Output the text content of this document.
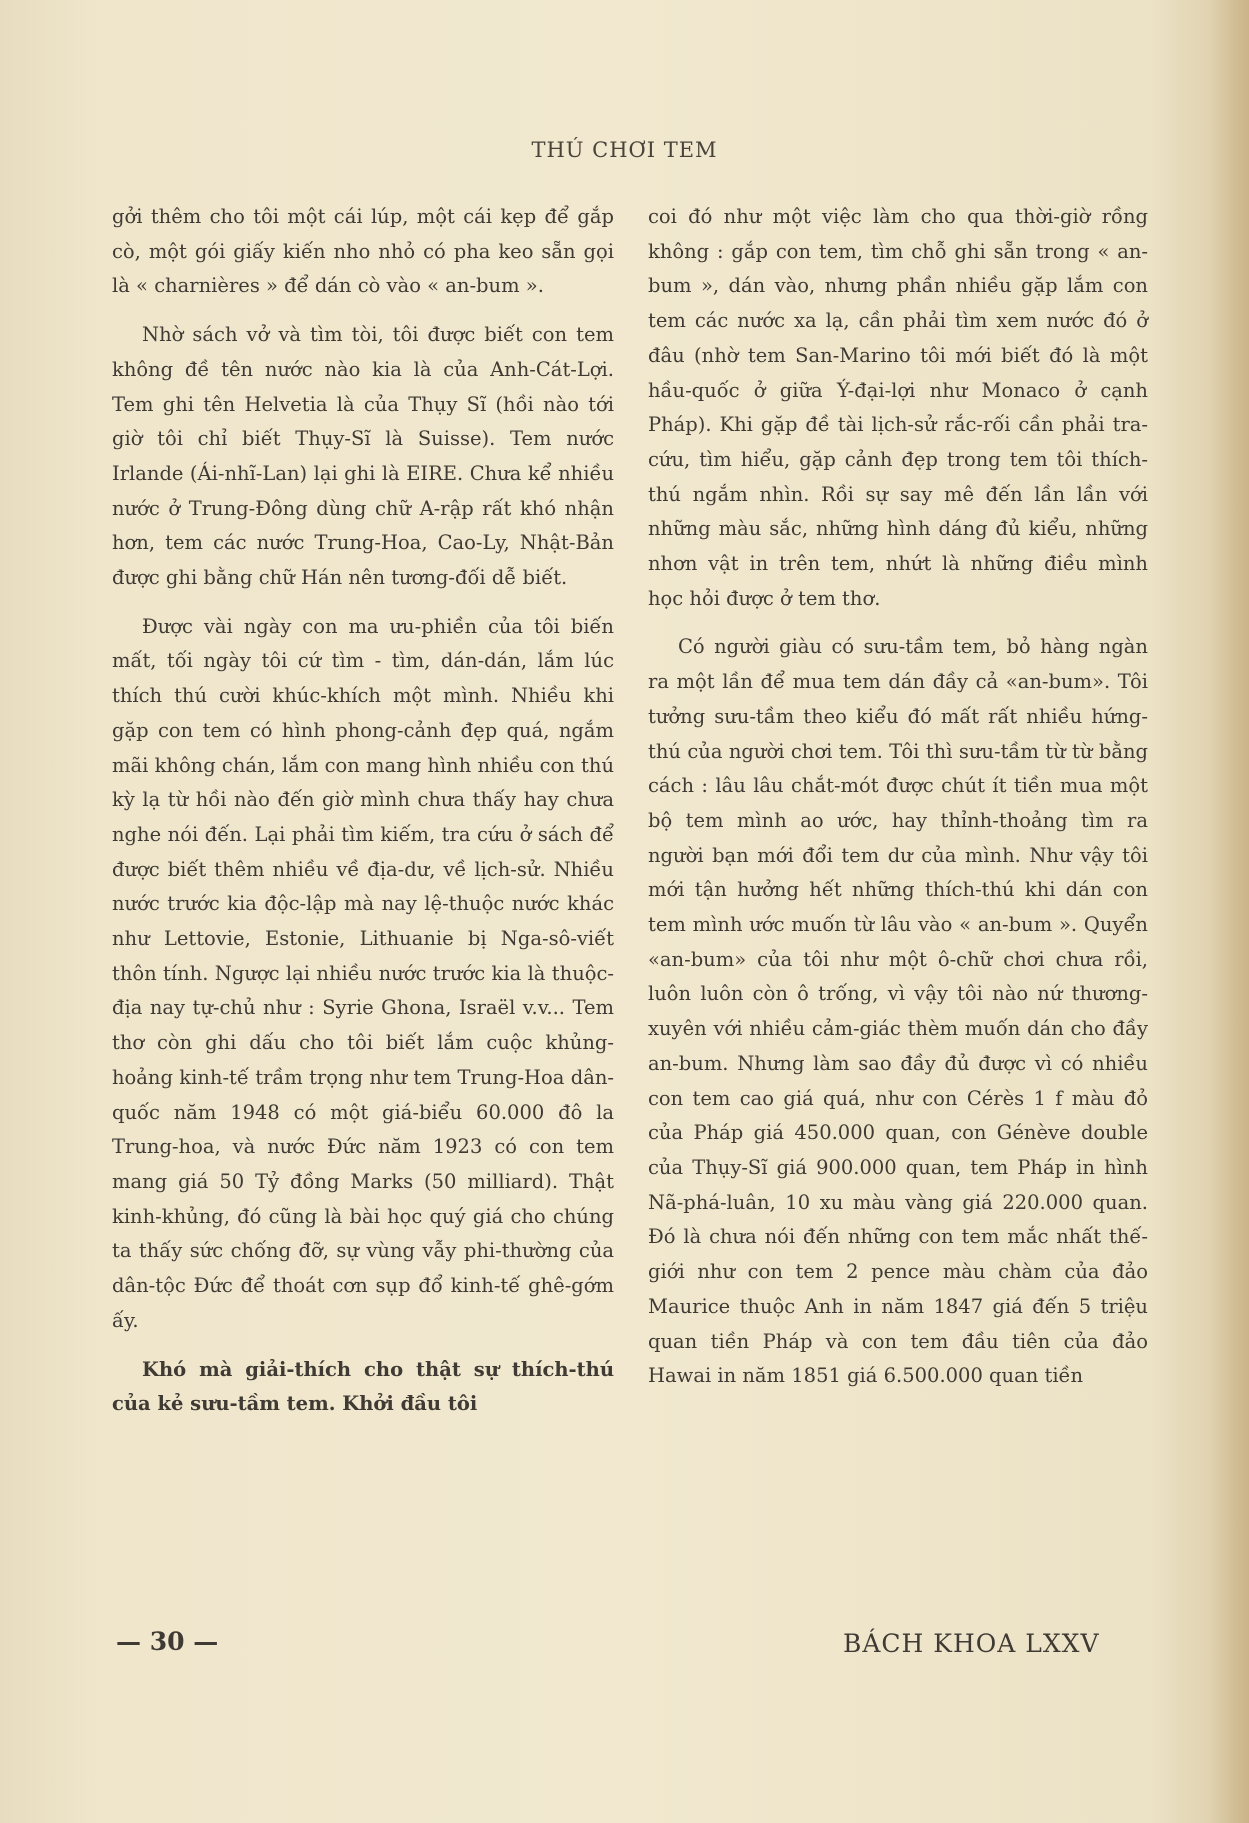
THÚ CHƠI TEM

gởi thêm cho tôi một cái lúp, một cái kẹp để gắp cò, một gói giấy kiến nho nhỏ có pha keo sẵn gọi là « charnières » để dán cò vào « an-bum ».

Nhờ sách vở và tìm tòi, tôi được biết con tem không đề tên nước nào kia là của Anh-Cát-Lợi. Tem ghi tên Helvetia là của Thụy Sĩ (hồi nào tới giờ tôi chỉ biết Thụy-Sĩ là Suisse). Tem nước Irlande (Ái-nhĩ-Lan) lại ghi là EIRE. Chưa kể nhiều nước ở Trung-Đông dùng chữ A-rập rất khó nhận hơn, tem các nước Trung-Hoa, Cao-Ly, Nhật-Bản được ghi bằng chữ Hán nên tương-đối dễ biết.

Được vài ngày con ma ưu-phiền của tôi biến mất, tối ngày tôi cứ tìm - tìm, dán-dán, lắm lúc thích thú cười khúc-khích một mình. Nhiều khi gặp con tem có hình phong-cảnh đẹp quá, ngắm mãi không chán, lắm con mang hình nhiều con thú kỳ lạ từ hồi nào đến giờ mình chưa thấy hay chưa nghe nói đến. Lại phải tìm kiếm, tra cứu ở sách để được biết thêm nhiều về địa-dư, về lịch-sử. Nhiều nước trước kia độc-lập mà nay lệ-thuộc nước khác như Lettovie, Estonie, Lithuanie bị Nga-sô-viết thôn tính. Ngược lại nhiều nước trước kia là thuộc-địa nay tự-chủ như : Syrie Ghona, Israël v.v... Tem thơ còn ghi dấu cho tôi biết lắm cuộc khủng-hoảng kinh-tế trầm trọng như tem Trung-Hoa dân-quốc năm 1948 có một giá-biểu 60.000 đô la Trung-hoa, và nước Đức năm 1923 có con tem mang giá 50 Tỷ đồng Marks (50 milliard). Thật kinh-khủng, đó cũng là bài học quý giá cho chúng ta thấy sức chống đỡ, sự vùng vẫy phi-thường của dân-tộc Đức để thoát cơn sụp đổ kinh-tế ghê-gớm ấy.

Khó mà giải-thích cho thật sự thích-thú của kẻ sưu-tầm tem. Khởi đầu tôi

coi đó như một việc làm cho qua thời-giờ rồng không : gắp con tem, tìm chỗ ghi sẵn trong « an-bum », dán vào, nhưng phần nhiều gặp lắm con tem các nước xa lạ, cần phải tìm xem nước đó ở đâu (nhờ tem San-Marino tôi mới biết đó là một hầu-quốc ở giữa Ý-đại-lợi như Monaco ở cạnh Pháp). Khi gặp đề tài lịch-sử rắc-rối cần phải tra-cứu, tìm hiểu, gặp cảnh đẹp trong tem tôi thích-thú ngắm nhìn. Rồi sự say mê đến lần lần với những màu sắc, những hình dáng đủ kiểu, những nhơn vật in trên tem, nhứt là những điều mình học hỏi được ở tem thơ.

Có người giàu có sưu-tầm tem, bỏ hàng ngàn ra một lần để mua tem dán đầy cả «an-bum». Tôi tưởng sưu-tầm theo kiểu đó mất rất nhiều hứng-thú của người chơi tem. Tôi thì sưu-tầm từ từ bằng cách : lâu lâu chắt-mót được chút ít tiền mua một bộ tem mình ao ước, hay thỉnh-thoảng tìm ra người bạn mới đổi tem dư của mình. Như vậy tôi mới tận hưởng hết những thích-thú khi dán con tem mình ước muốn từ lâu vào « an-bum ». Quyển «an-bum» của tôi như một ô-chữ chơi chưa rồi, luôn luôn còn ô trống, vì vậy tôi nào nứ thương-xuyên với nhiều cảm-giác thèm muốn dán cho đầy an-bum. Nhưng làm sao đầy đủ được vì có nhiều con tem cao giá quá, như con Cérès 1 f màu đỏ của Pháp giá 450.000 quan, con Génève double của Thụy-Sĩ giá 900.000 quan, tem Pháp in hình Nã-phá-luân, 10 xu màu vàng giá 220.000 quan. Đó là chưa nói đến những con tem mắc nhất thế-giới như con tem 2 pence màu chàm của đảo Maurice thuộc Anh in năm 1847 giá đến 5 triệu quan tiền Pháp và con tem đầu tiên của đảo Hawai in năm 1851 giá 6.500.000 quan tiền

— 30 —	BÁCH KHOA LXXV
